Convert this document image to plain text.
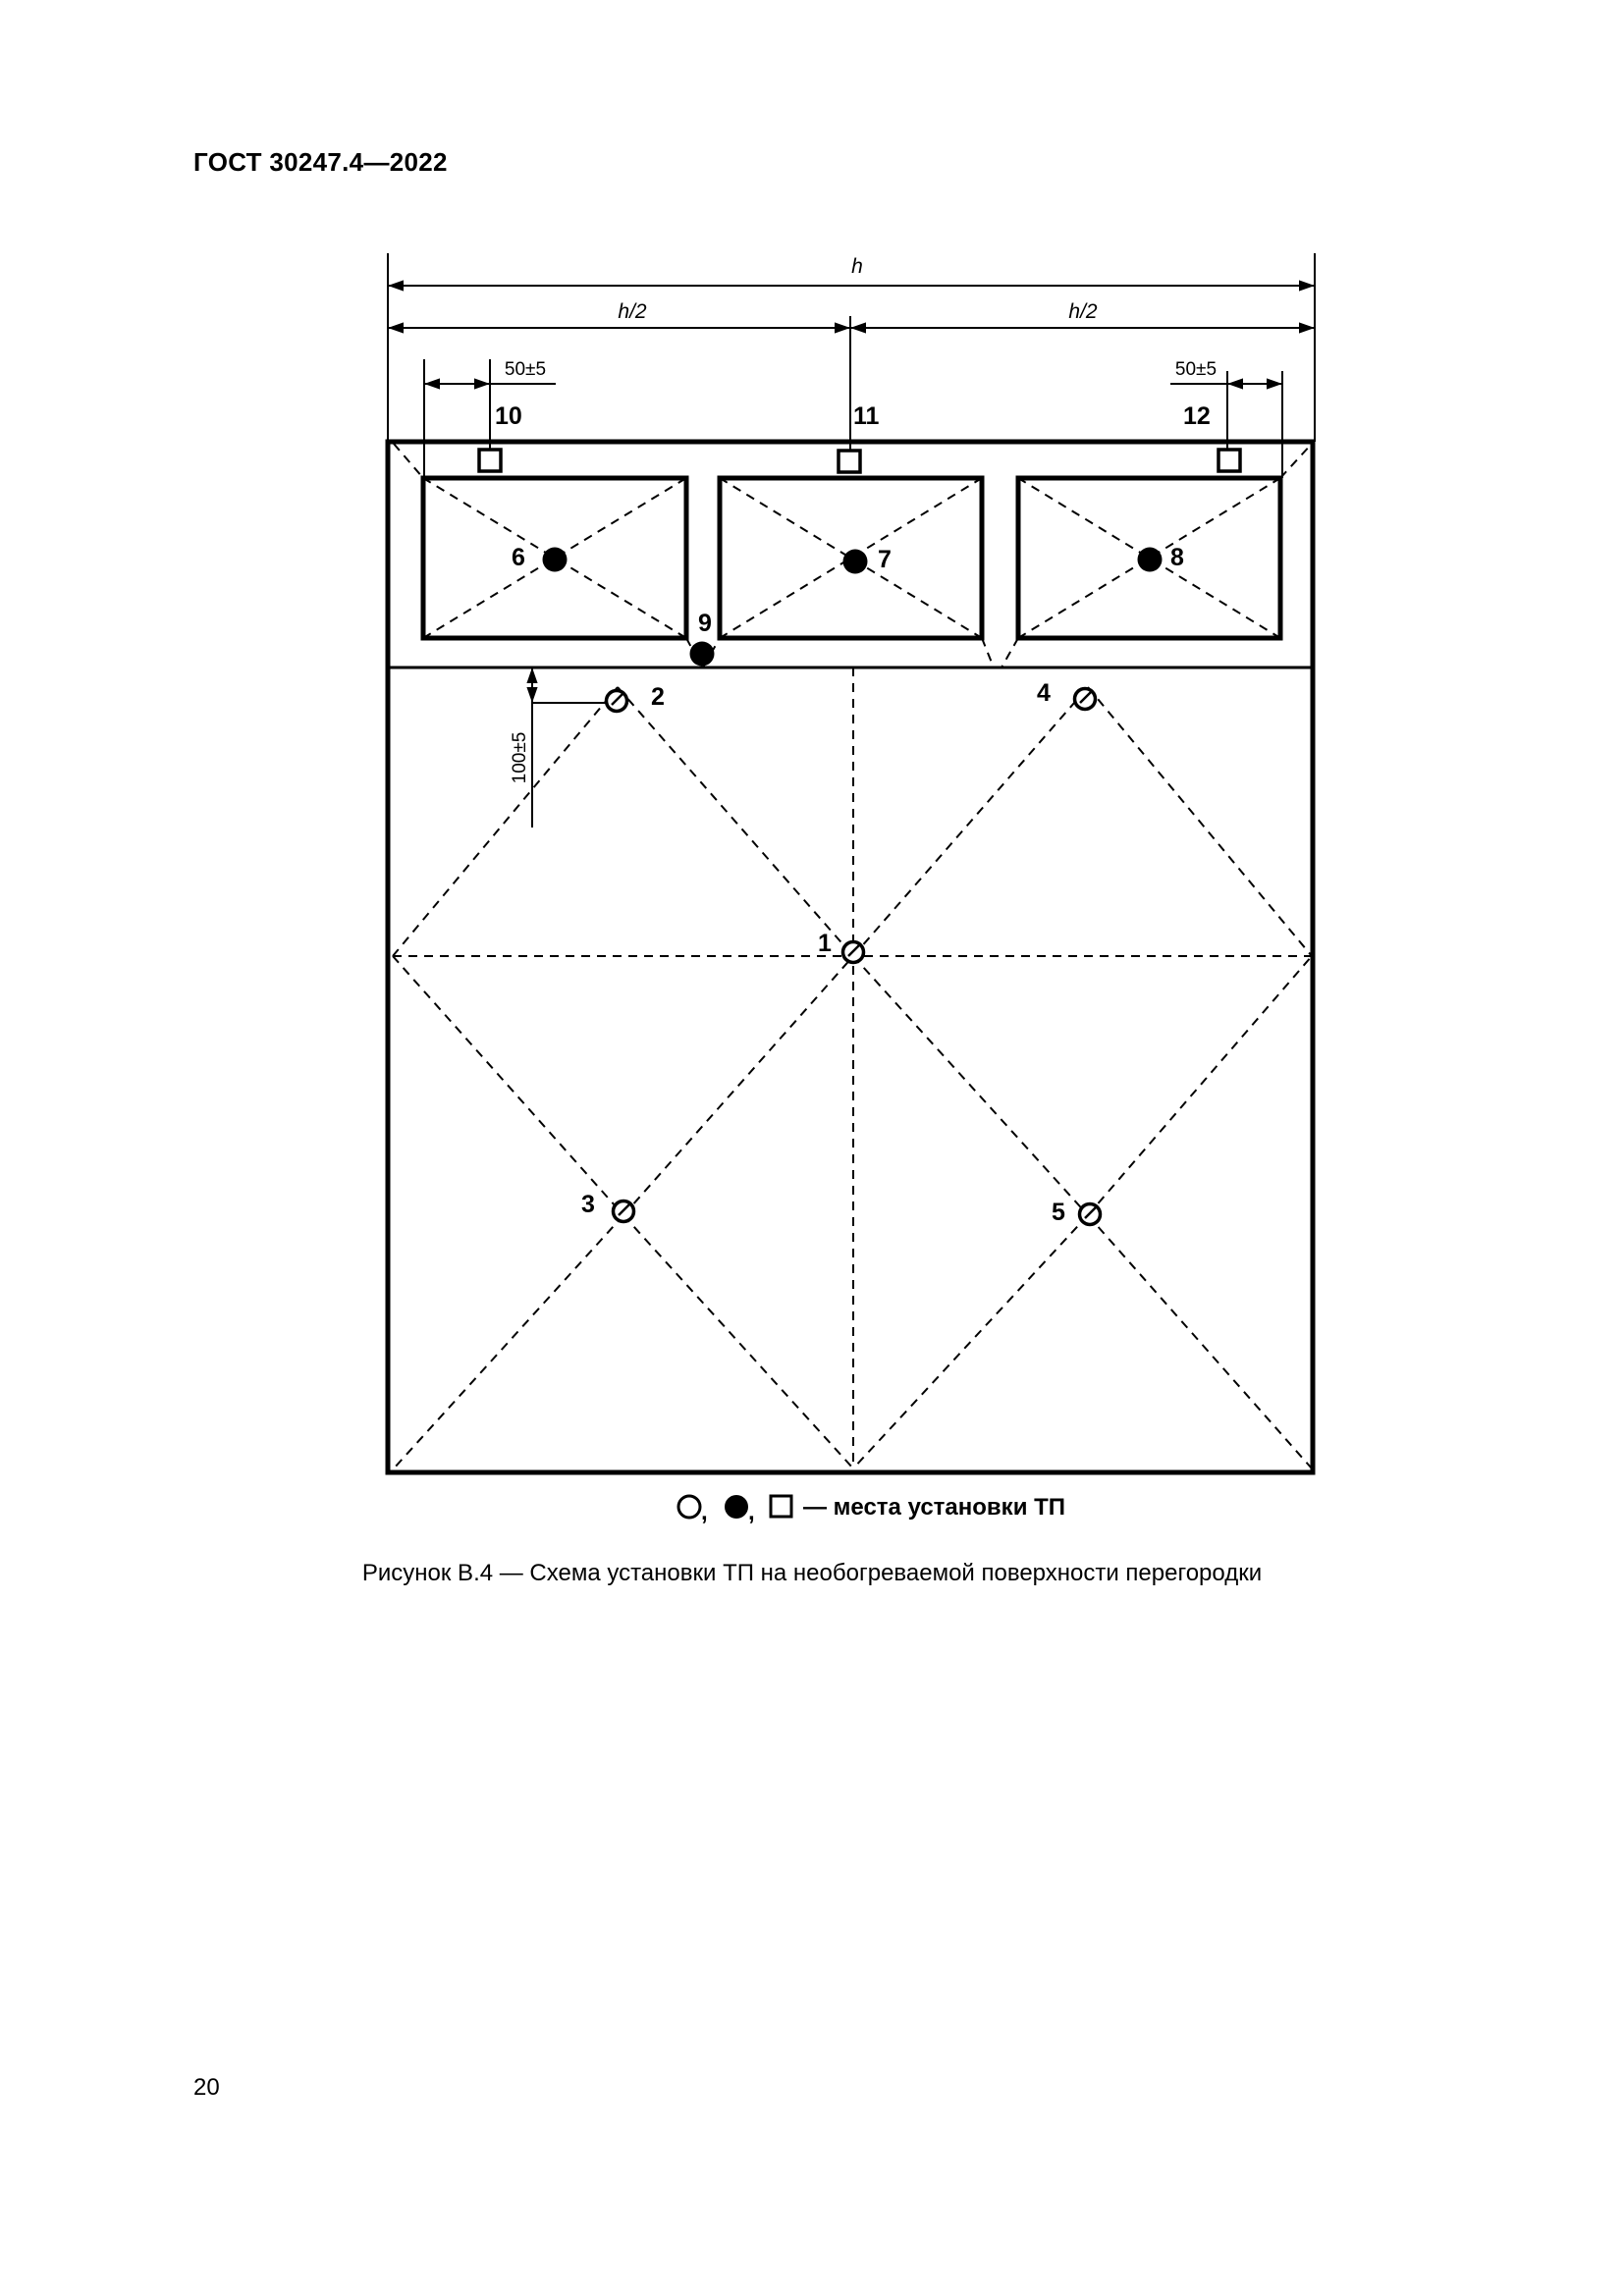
ГОСТ 30247.4—2022
h
h/2	h/2
50±5	50±5
100±5
1
2
3
4
5
6	7	8
9
10	11	12
, , — места установки ТП
Рисунок В.4 — Схема установки ТП на необогреваемой поверхности перегородки
20
